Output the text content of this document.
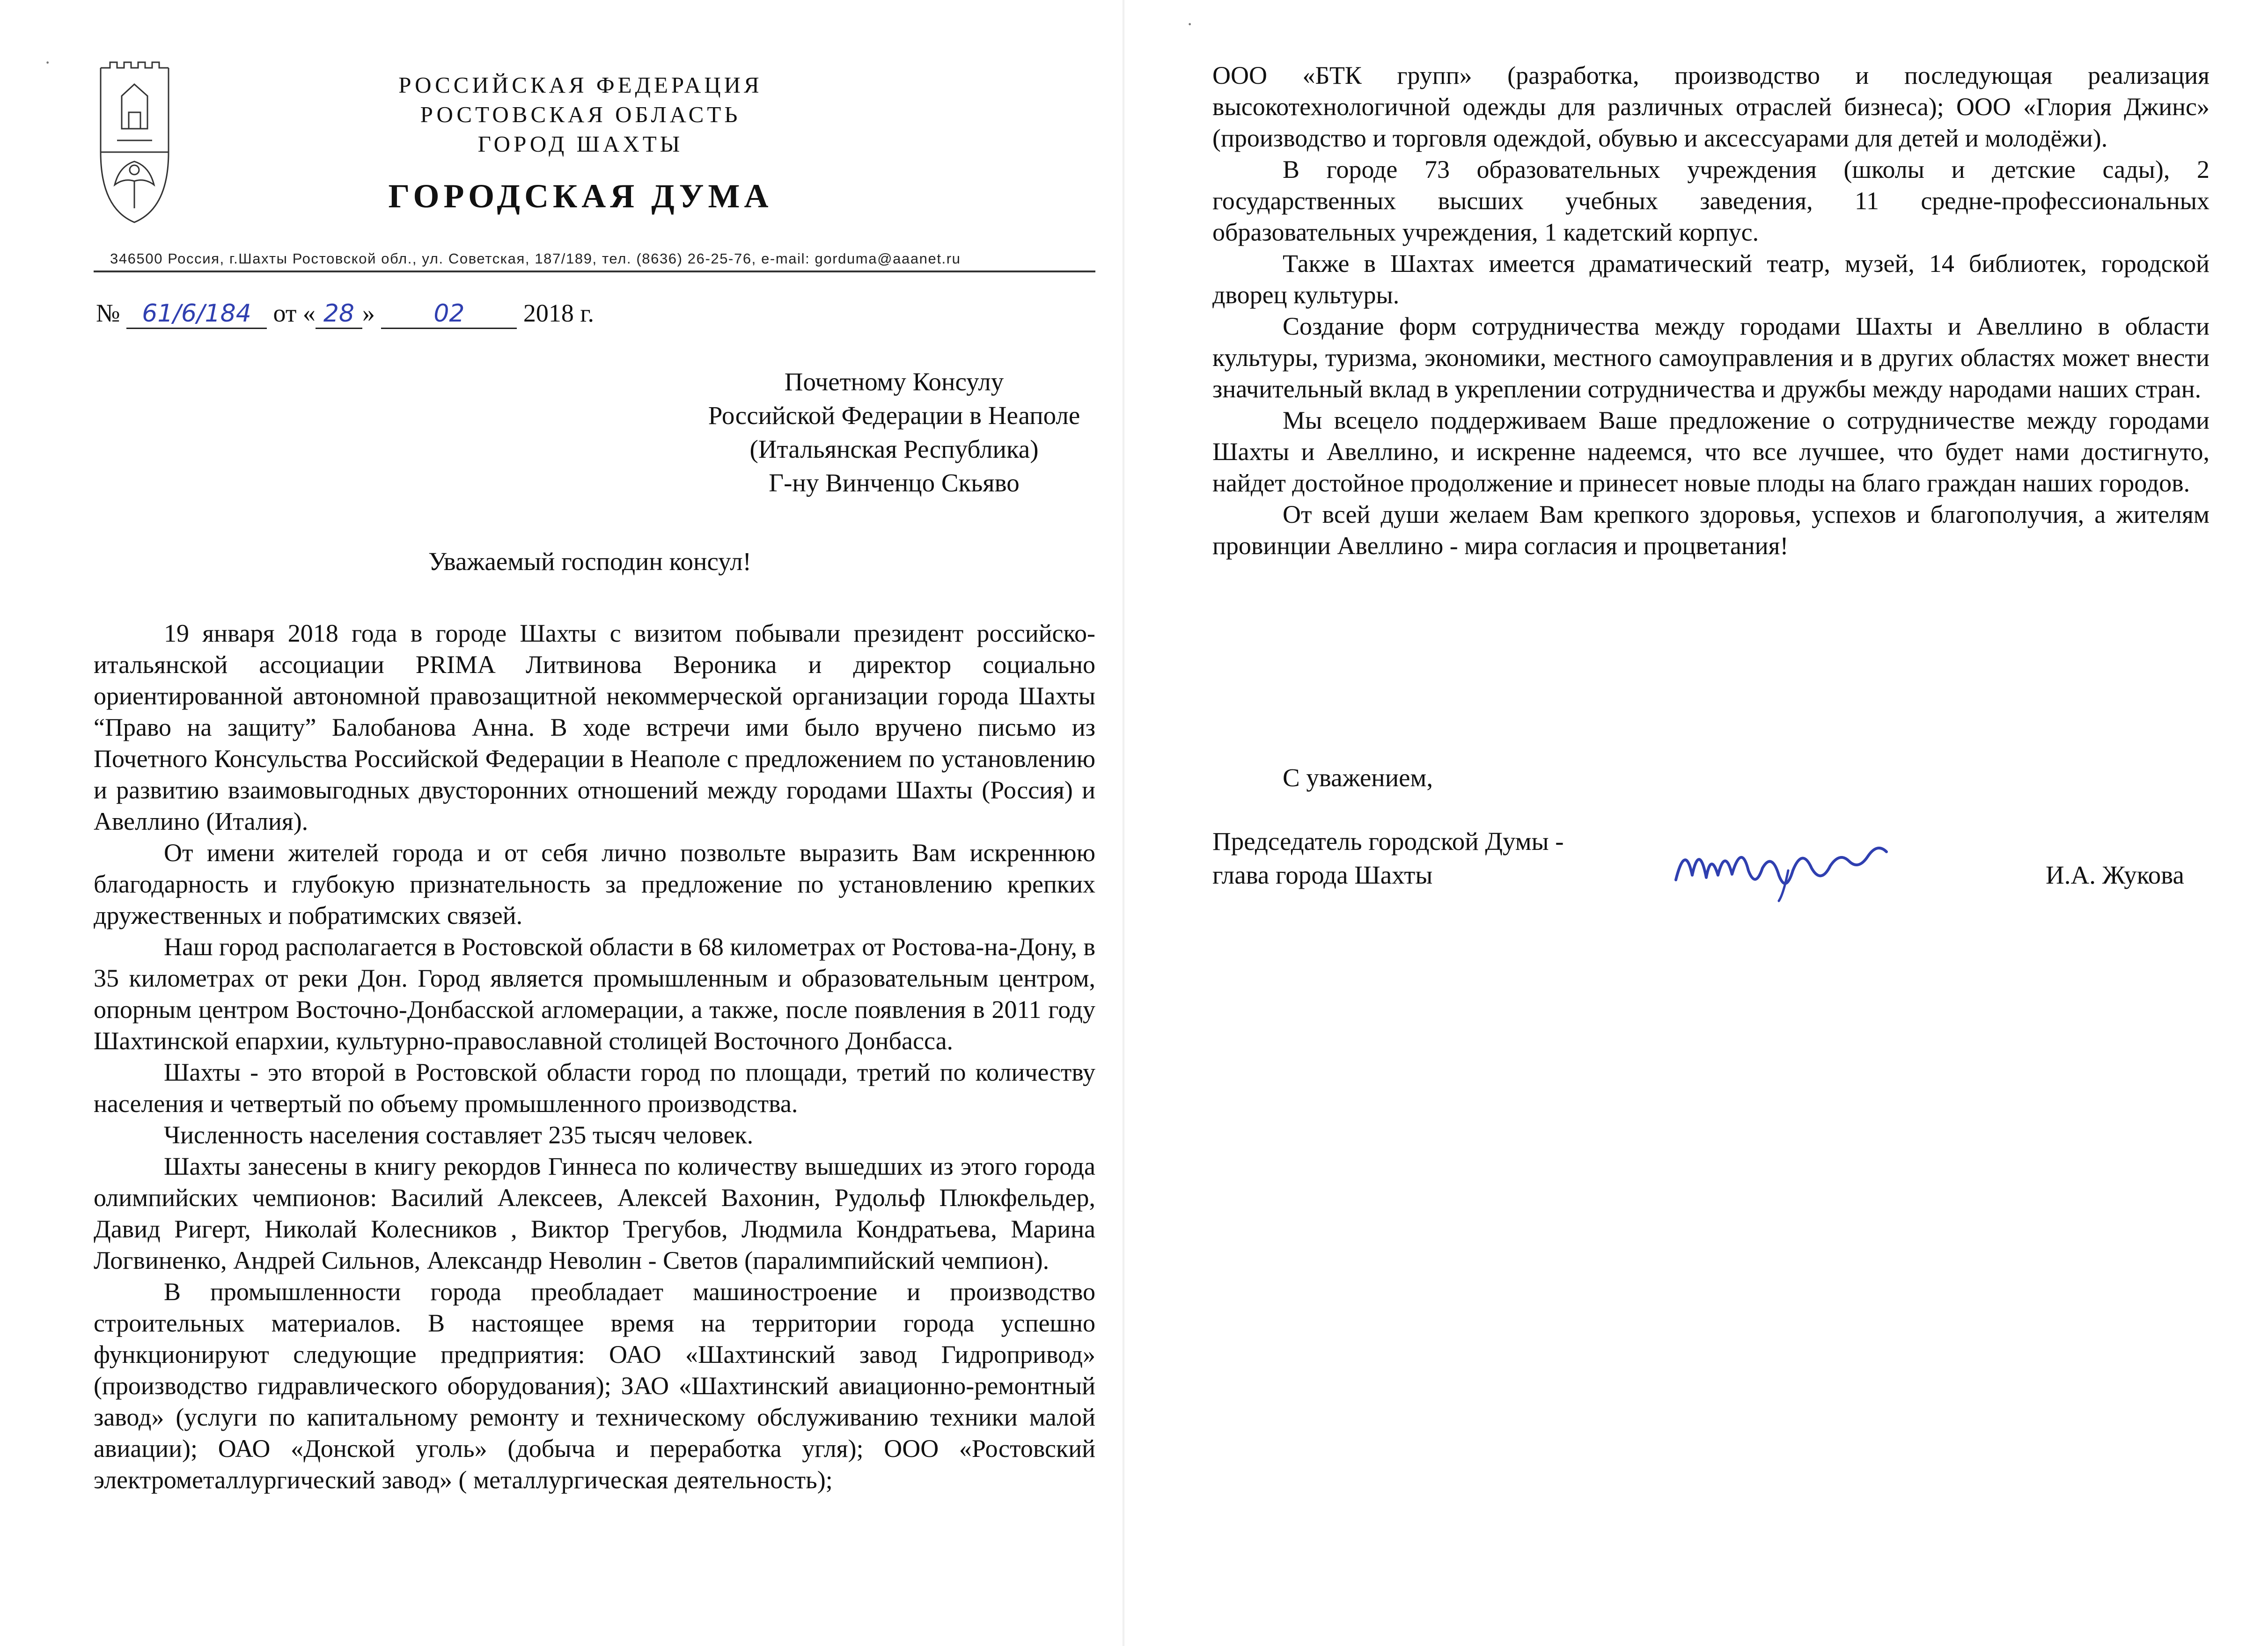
·
·
РОССИЙСКАЯ ФЕДЕРАЦИЯ
РОСТОВСКАЯ ОБЛАСТЬ
ГОРОД ШАХТЫ
ГОРОДСКАЯ ДУМА
346500 Россия, г.Шахты Ростовской обл., ул. Советская, 187/189, тел. (8636) 26-25-76, e-mail: gorduma@aaanet.ru
№ 61/6/184 от « 28 » 02 2018 г.
Почетному Консулу
Российской Федерации в Неаполе
(Итальянская Республика)
Г-ну Винченцо Скьяво
Уважаемый господин консул!

19 января 2018 года в городе Шахты с визитом побывали президент российско-итальянской ассоциации PRIMA Литвинова Вероника и директор социально ориентированной автономной правозащитной некоммерческой организации города Шахты “Право на защиту” Балобанова Анна. В ходе встречи ими было вручено письмо из Почетного Консульства Российской Федерации в Неаполе с предложением по установлению и развитию взаимовыгодных двусторонних отношений между городами Шахты (Россия) и Авеллино (Италия).

От имени жителей города и от себя лично позвольте выразить Вам искреннюю благодарность и глубокую признательность за предложение по установлению крепких дружественных и побратимских связей.

Наш город располагается в Ростовской области в 68 километрах от Ростова-на-Дону, в 35 километрах от реки Дон. Город является промышленным и образовательным центром, опорным центром Восточно-Донбасской агломерации, а также, после появления в 2011 году Шахтинской епархии, культурно-православной столицей Восточного Донбасса.

Шахты - это второй в Ростовской области город по площади, третий по количеству населения и четвертый по объему промышленного производства.

Численность населения составляет 235 тысяч человек.

Шахты занесены в книгу рекордов Гиннеса по количеству вышедших из этого города олимпийских чемпионов: Василий Алексеев, Алексей Вахонин, Рудольф Плюкфельдер, Давид Ригерт, Николай Колесников , Виктор Трегубов, Людмила Кондратьева, Марина Логвиненко, Андрей Сильнов, Александр Неволин - Светов (паралимпийский чемпион).

В промышленности города преобладает машиностроение и производство строительных материалов. В настоящее время на территории города успешно функционируют следующие предприятия: ОАО «Шахтинский завод Гидропривод» (производство гидравлического оборудования); ЗАО «Шахтинский авиационно-ремонтный завод» (услуги по капитальному ремонту и техническому обслуживанию техники малой авиации); ОАО «Донской уголь» (добыча и переработка угля); ООО «Ростовский электрометаллургический завод» ( металлургическая деятельность);

ООО «БТК групп» (разработка, производство и последующая реализация высокотехнологичной одежды для различных отраслей бизнеса); ООО «Глория Джинс» (производство и торговля одеждой, обувью и аксессуарами для детей и молодёжи).

В городе 73 образовательных учреждения (школы и детские сады), 2 государственных высших учебных заведения, 11 средне-профессиональных образовательных учреждения, 1 кадетский корпус.

Также в Шахтах имеется драматический театр, музей, 14 библиотек, городской дворец культуры.

Создание форм сотрудничества между городами Шахты и Авеллино в области культуры, туризма, экономики, местного самоуправления и в других областях может внести значительный вклад в укреплении сотрудничества и дружбы между народами наших стран.

Мы всецело поддерживаем Ваше предложение о сотрудничестве между городами Шахты и Авеллино, и искренне надеемся, что все лучшее, что будет нами достигнуто, найдет достойное продолжение и принесет новые плоды на благо граждан наших городов.

От всей души желаем Вам крепкого здоровья, успехов и благополучия, а жителям провинции Авеллино - мира согласия и процветания!

С уважением,
Председатель городской Думы -
глава города Шахты	И.А. Жукова
